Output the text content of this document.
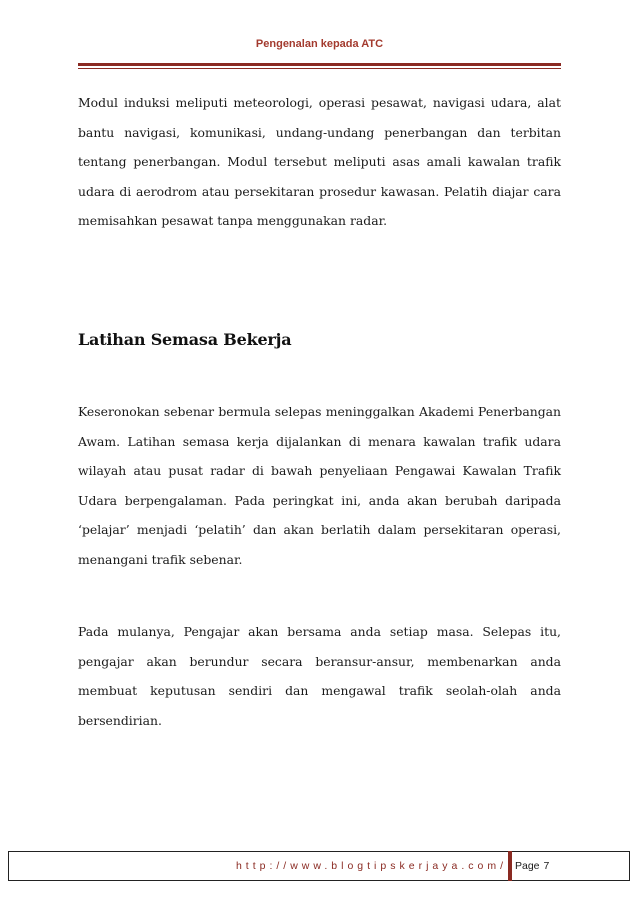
Pengenalan kepada ATC

Modul induksi meliputi meteorologi, operasi pesawat, navigasi udara, alat bantu navigasi, komunikasi, undang-undang penerbangan dan terbitan tentang penerbangan. Modul tersebut meliputi asas amali kawalan trafik udara di aerodrom atau persekitaran prosedur kawasan. Pelatih diajar cara memisahkan pesawat tanpa menggunakan radar.

Latihan Semasa Bekerja

Keseronokan sebenar bermula selepas meninggalkan Akademi Penerbangan Awam. Latihan semasa kerja dijalankan di menara kawalan trafik udara wilayah atau pusat radar di bawah penyeliaan Pengawai Kawalan Trafik Udara berpengalaman. Pada peringkat ini, anda akan berubah daripada ‘pelajar’ menjadi ‘pelatih’ dan akan berlatih dalam persekitaran operasi, menangani trafik sebenar.

Pada mulanya, Pengajar akan bersama anda setiap masa. Selepas itu, pengajar akan berundur secara beransur-ansur, membenarkan anda membuat keputusan sendiri dan mengawal trafik seolah-olah anda bersendirian.

http://www.blogtipskerjaya.com/ Page 7
